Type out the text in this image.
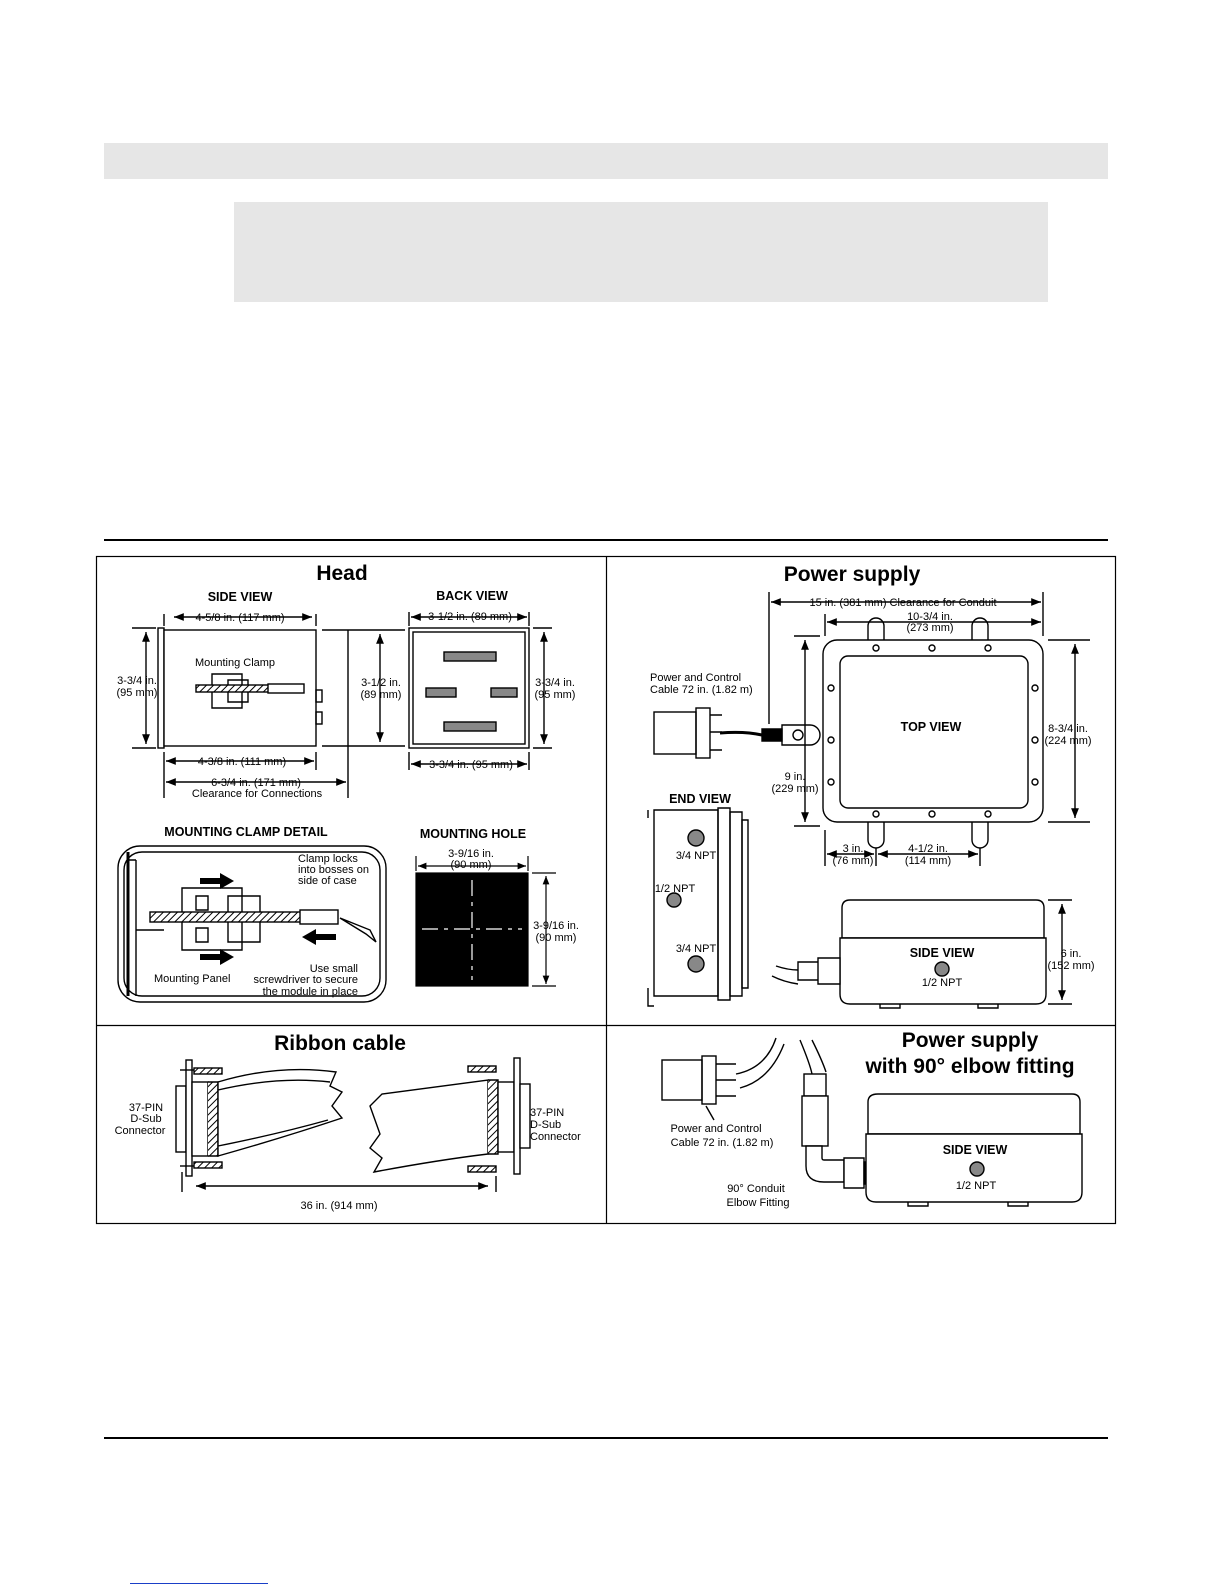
Head
SIDE VIEW	BACK VIEW
4-5/8 in. (117 mm)
3-3/4 in.
(95 mm)
Mounting Clamp
4-3/8 in. (111 mm)
6-3/4 in. (171 mm)
Clearance for Connections
3-1/2 in. (89 mm)
3-1/2 in.
(89 mm)
3-3/4 in.
(95 mm)
3-3/4 in. (95 mm)
MOUNTING CLAMP DETAIL
Clamp locks
into bosses on
side of case
Mounting Panel
Use small
screwdriver to secure
the module in place
MOUNTING HOLE
3-9/16 in.
(90 mm)
3-9/16 in.
(90 mm)
Power supply
15 in. (381 mm) Clearance for Conduit
10-3/4 in.
(273 mm)
Power and Control
Cable 72 in. (1.82 m)
TOP VIEW	8-3/4 in.
(224 mm)
9 in.
(229 mm)
3 in.
(76 mm)
4-1/2 in.
(114 mm)
END VIEW
3/4 NPT
1/2 NPT
3/4 NPT	SIDE VIEW
1/2 NPT
6 in.
(152 mm)
Ribbon cable
37-PIN
D-Sub
Connector
37-PIN
D-Sub
Connector
36 in. (914 mm)
Power supply
with 90° elbow fitting
Power and Control
Cable 72 in. (1.82 m)
90° Conduit
Elbow Fitting
SIDE VIEW
1/2 NPT
